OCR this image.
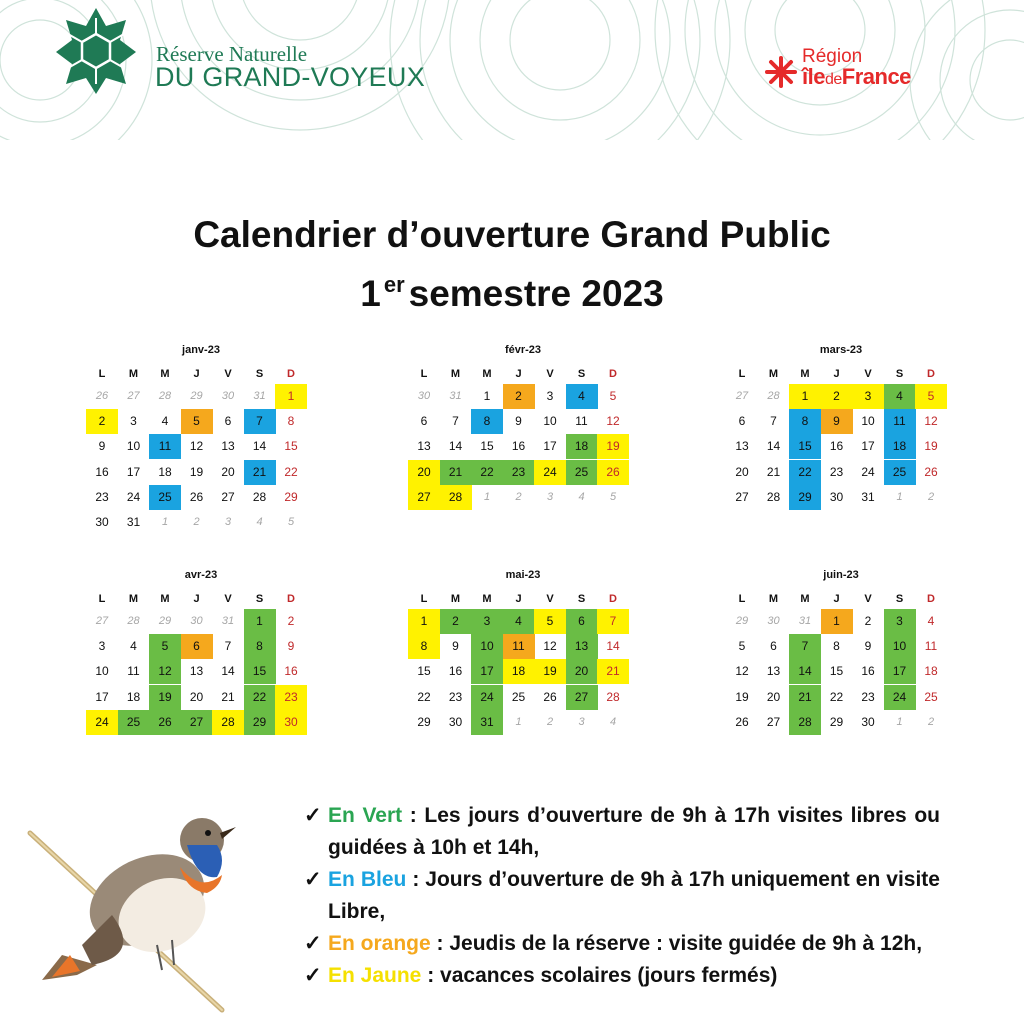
Réserve Naturelle
DU GRAND-VOYEUX
Région
îledeFrance
Calendrier d’ouverture Grand Public
1 $^{er}$ semestre 2023
janv-23
L	M	M	J	V	S	D
26	27	28	29	30	31	1
2	3	4	5	6	7	8
9	10	11	12	13	14	15
16	17	18	19	20	21	22
23	24	25	26	27	28	29
30	31	1	2	3	4	5
févr-23
L	M	M	J	V	S	D
30	31	1	2	3	4	5
6	7	8	9	10	11	12
13	14	15	16	17	18	19
20	21	22	23	24	25	26
27	28	1	2	3	4	5
mars-23
L	M	M	J	V	S	D
27	28	1	2	3	4	5
6	7	8	9	10	11	12
13	14	15	16	17	18	19
20	21	22	23	24	25	26
27	28	29	30	31	1	2
avr-23
L	M	M	J	V	S	D
27	28	29	30	31	1	2
3	4	5	6	7	8	9
10	11	12	13	14	15	16
17	18	19	20	21	22	23
24	25	26	27	28	29	30
mai-23
L	M	M	J	V	S	D
1	2	3	4	5	6	7
8	9	10	11	12	13	14
15	16	17	18	19	20	21
22	23	24	25	26	27	28
29	30	31	1	2	3	4
juin-23
L	M	M	J	V	S	D
29	30	31	1	2	3	4
5	6	7	8	9	10	11
12	13	14	15	16	17	18
19	20	21	22	23	24	25
26	27	28	29	30	1	2
✓ En Vert : Les jours d’ouverture de 9h à 17h visites libres ou guidées à 10h et 14h,
✓ En Bleu : Jours d’ouverture de 9h à 17h uniquement en visite Libre,
✓ En orange : Jeudis de la réserve : visite guidée de 9h à 12h,
✓ En Jaune : vacances scolaires (jours fermés)
